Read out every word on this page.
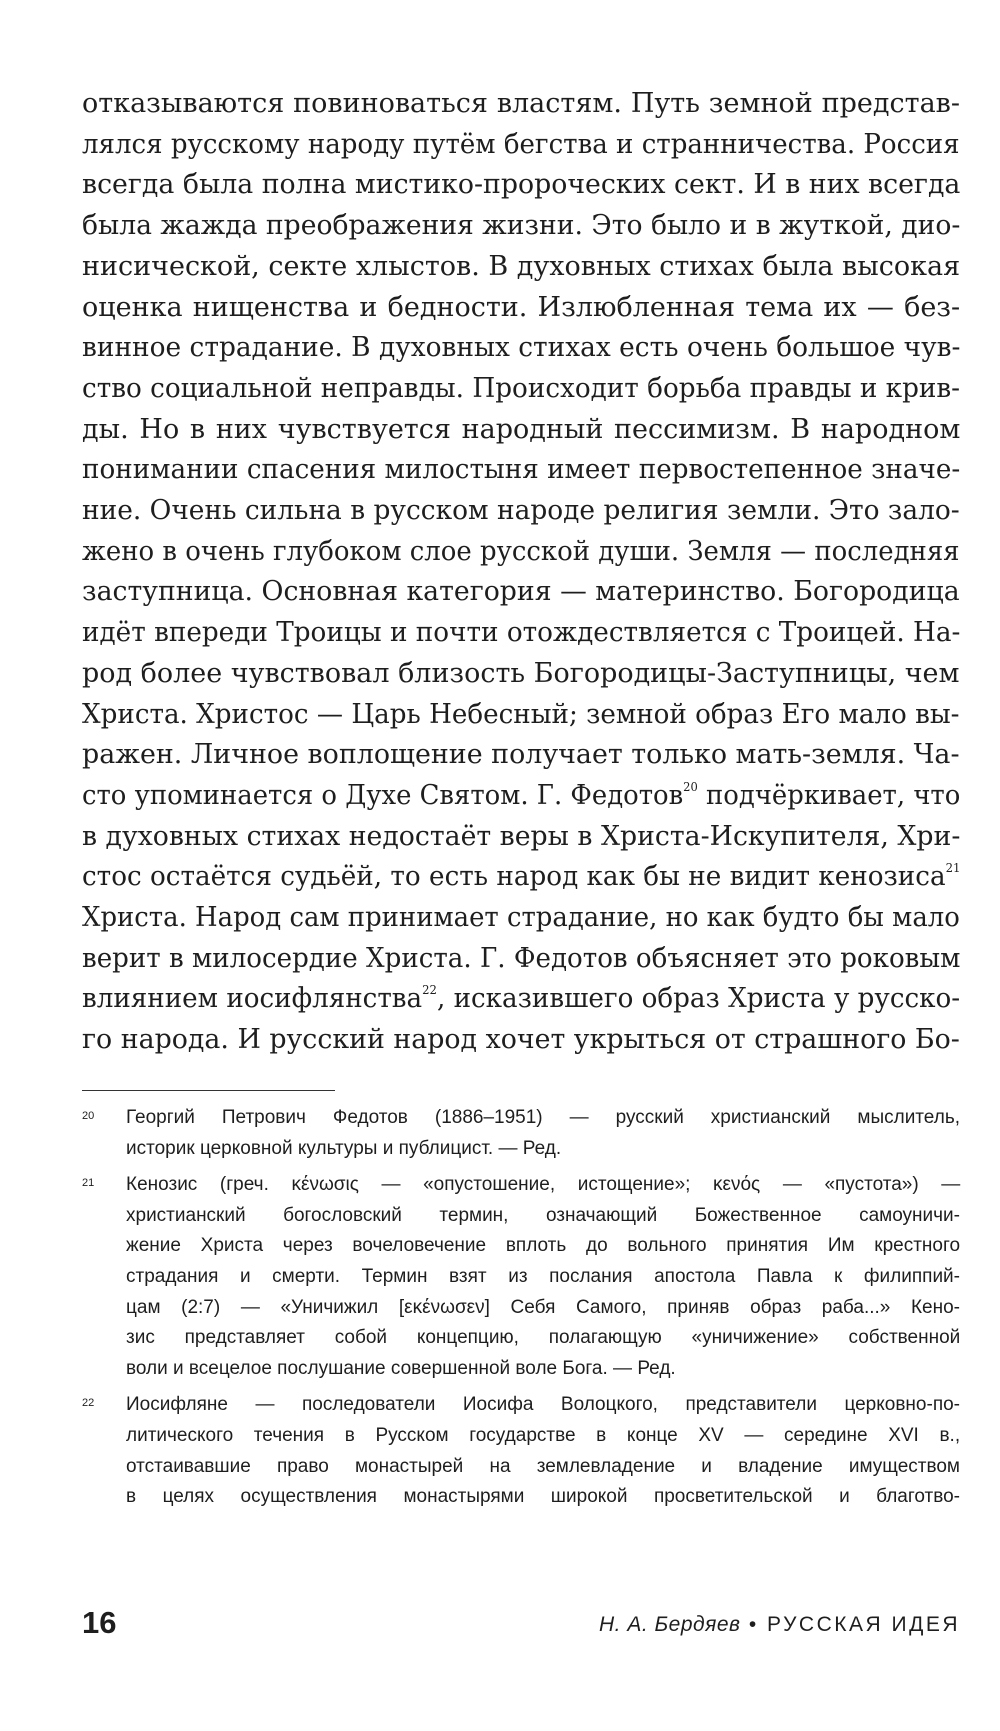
отказываются повиноваться властям. Путь земной представ-
лялся русскому народу путём бегства и странничества. Россия
всегда была полна мистико-пророческих сект. И в них всегда
была жажда преображения жизни. Это было и в жуткой, дио-
нисической, секте хлыстов. В духовных стихах была высокая
оценка нищенства и бедности. Излюбленная тема их — без-
винное страдание. В духовных стихах есть очень большое чув-
ство социальной неправды. Происходит борьба правды и крив-
ды. Но в них чувствуется народный пессимизм. В народном
понимании спасения милостыня имеет первостепенное значе-
ние. Очень сильна в русском народе религия земли. Это зало-
жено в очень глубоком слое русской души. Земля — последняя
заступница. Основная категория — материнство. Богородица
идёт впереди Троицы и почти отождествляется с Троицей. На-
род более чувствовал близость Богородицы-Заступницы, чем
Христа. Христос — Царь Небесный; земной образ Его мало вы-
ражен. Личное воплощение получает только мать-земля. Ча-
сто упоминается о Духе Святом. Г. Федотов$^{20}$ подчёркивает, что
в духовных стихах недостаёт веры в Христа-Искупителя, Хри-
стос остаётся судьёй, то есть народ как бы не видит кенозиса$^{21}$
Христа. Народ сам принимает страдание, но как будто бы мало
верит в милосердие Христа. Г. Федотов объясняет это роковым
влиянием иосифлянства$^{22}$, исказившего образ Христа у русско-
го народа. И русский народ хочет укрыться от страшного Бо-
20 Георгий Петрович Федотов (1886–1951) — русский христианский мыслитель,
историк церковной культуры и публицист. — Ред.
21 Кенозис (греч. κένωσις — «опустошение, истощение»; κενός — «пустота») —
христианский богословский термин, означающий Божественное самоуничи-
жение Христа через вочеловечение вплоть до вольного принятия Им крестного
страдания и смерти. Термин взят из послания апостола Павла к филиппий-
цам (2:7) — «Уничижил [εκένωσεν] Себя Самого, приняв образ раба...» Кено-
зис представляет собой концепцию, полагающую «уничижение» собственной
воли и всецелое послушание совершенной воле Бога. — Ред.
22 Иосифляне — последователи Иосифа Волоцкого, представители церковно-по-
литического течения в Русском государстве в конце XV — середине XVI в.,
отстаивавшие право монастырей на землевладение и владение имуществом
в целях осуществления монастырями широкой просветительской и благотво-
16	Н. А. Бердяев • РУССКАЯ ИДЕЯ
